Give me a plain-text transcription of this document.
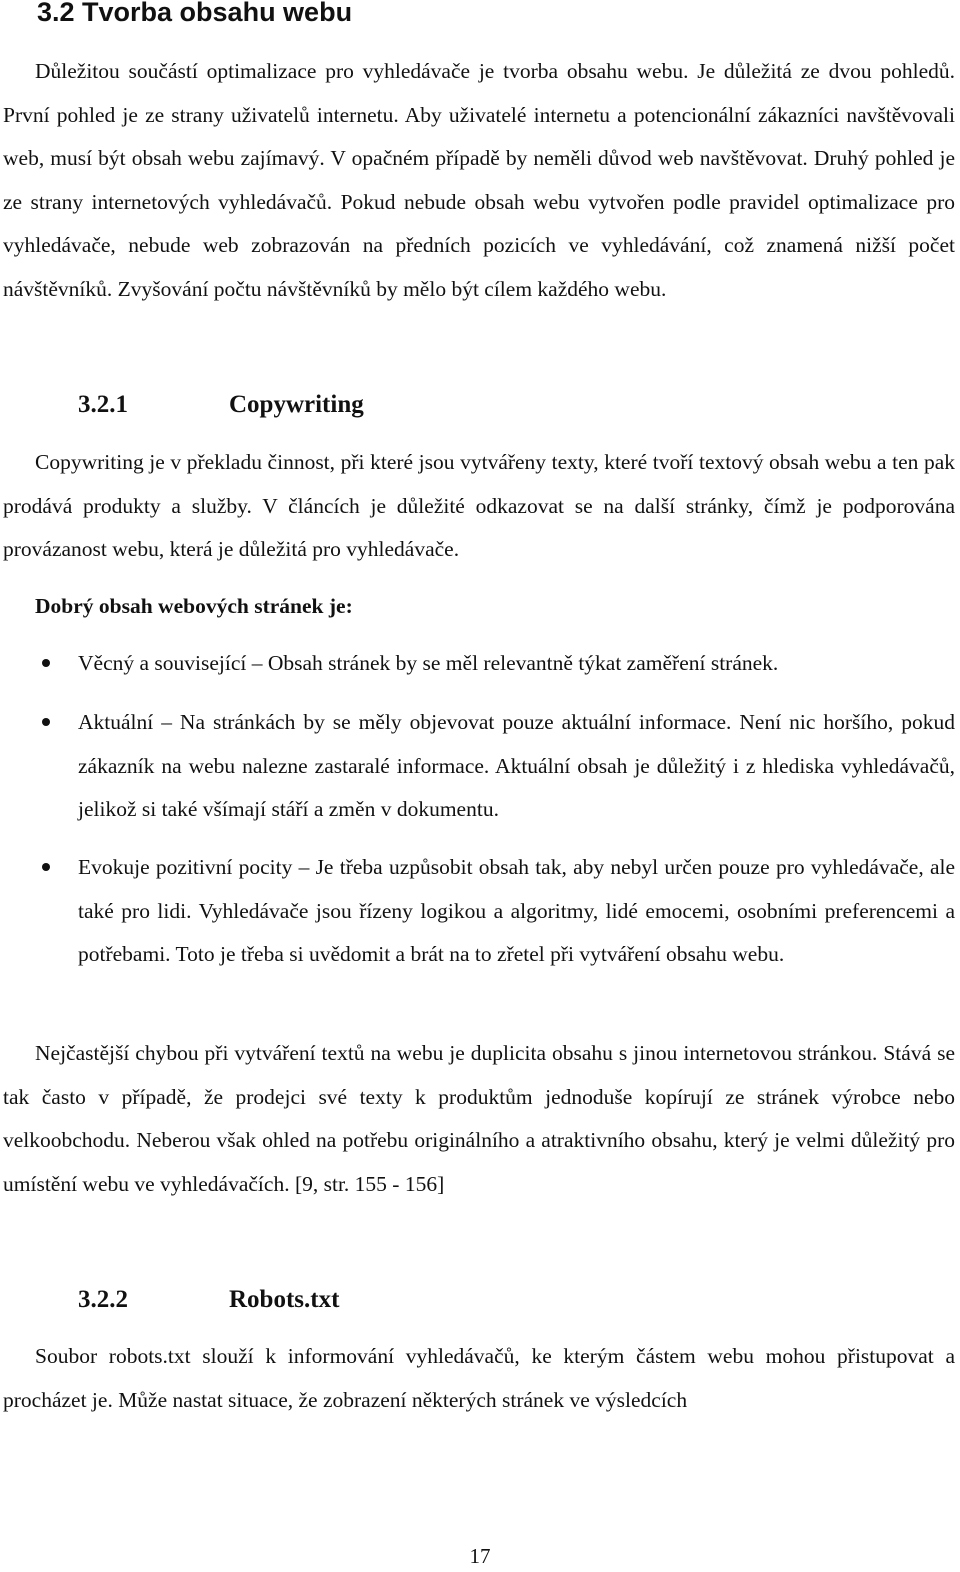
3.2 Tvorba obsahu webu

Důležitou součástí optimalizace pro vyhledávače je tvorba obsahu webu. Je důležitá ze dvou pohledů. První pohled je ze strany uživatelů internetu. Aby uživatelé internetu a potencionální zákazníci navštěvovali web, musí být obsah webu zajímavý. V opačném případě by neměli důvod web navštěvovat. Druhý pohled je ze strany internetových vyhledávačů. Pokud nebude obsah webu vytvořen podle pravidel optimalizace pro vyhledávače, nebude web zobrazován na předních pozicích ve vyhledávání, což znamená nižší počet návštěvníků. Zvyšování počtu návštěvníků by mělo být cílem každého webu.

3.2.1	Copywriting

Copywriting je v překladu činnost, při které jsou vytvářeny texty, které tvoří textový obsah webu a ten pak prodává produkty a služby. V článcích je důležité odkazovat se na další stránky, čímž je podporována provázanost webu, která je důležitá pro vyhledávače.

Dobrý obsah webových stránek je:

Věcný a související – Obsah stránek by se měl relevantně týkat zaměření stránek.
Aktuální – Na stránkách by se měly objevovat pouze aktuální informace. Není nic horšího, pokud zákazník na webu nalezne zastaralé informace. Aktuální obsah je důležitý i z hlediska vyhledávačů, jelikož si také všímají stáří a změn v dokumentu.
Evokuje pozitivní pocity – Je třeba uzpůsobit obsah tak, aby nebyl určen pouze pro vyhledávače, ale také pro lidi. Vyhledávače jsou řízeny logikou a algoritmy, lidé emocemi, osobními preferencemi a potřebami. Toto je třeba si uvědomit a brát na to zřetel při vytváření obsahu webu.

Nejčastější chybou při vytváření textů na webu je duplicita obsahu s jinou internetovou stránkou. Stává se tak často v případě, že prodejci své texty k produktům jednoduše kopírují ze stránek výrobce nebo velkoobchodu. Neberou však ohled na potřebu originálního a atraktivního obsahu, který je velmi důležitý pro umístění webu ve vyhledávačích. [9, str. 155 - 156]

3.2.2	Robots.txt

Soubor robots.txt slouží k informování vyhledávačů, ke kterým částem webu mohou přistupovat a procházet je. Může nastat situace, že zobrazení některých stránek ve výsledcích

17
